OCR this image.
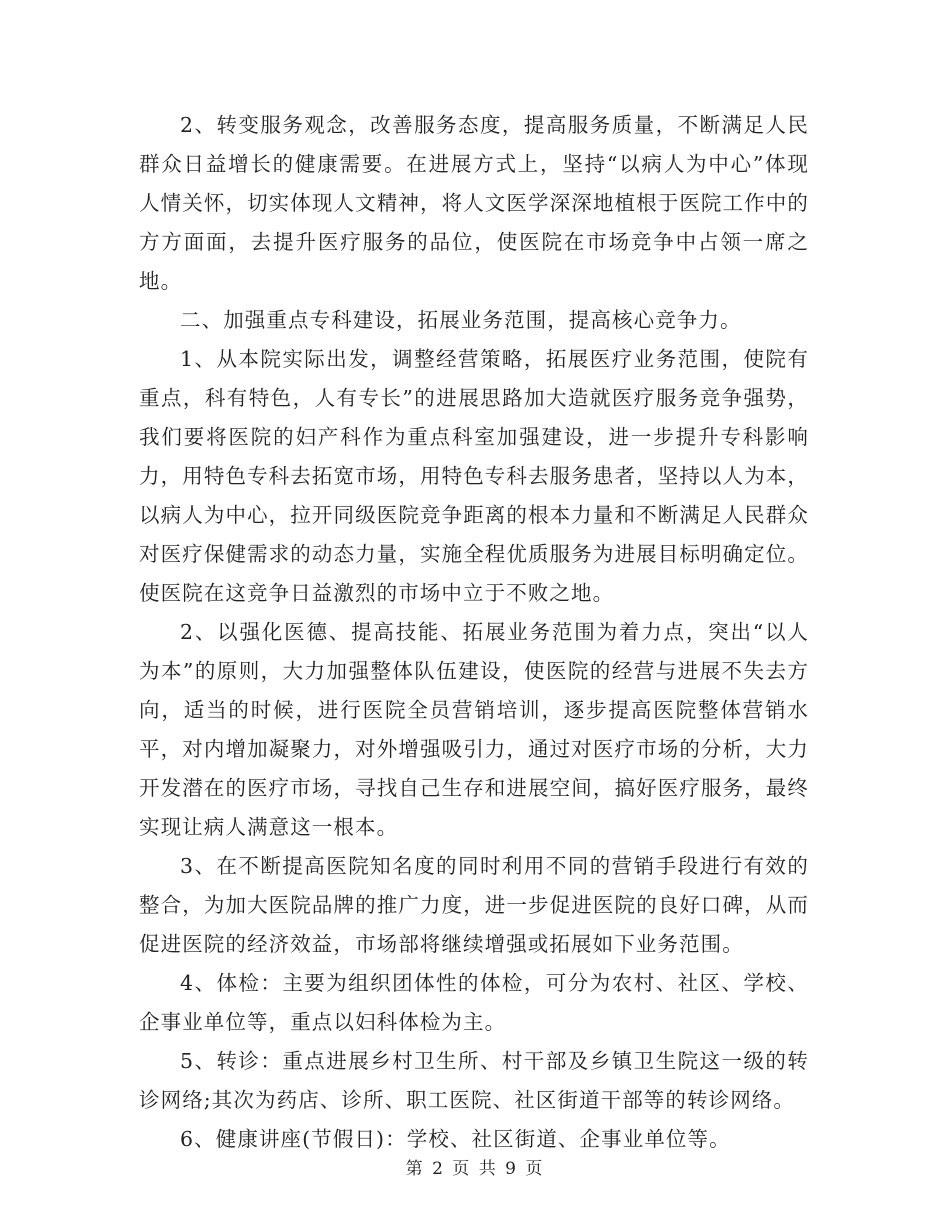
2、转变服务观念，改善服务态度，提高服务质量，不断满足人民群众日益增长的健康需要。在进展方式上，坚持“以病人为中心”体现人情关怀，切实体现人文精神，将人文医学深深地植根于医院工作中的方方面面，去提升医疗服务的品位，使医院在市场竞争中占领一席之地。

二、加强重点专科建设，拓展业务范围，提高核心竞争力。

1、从本院实际出发，调整经营策略，拓展医疗业务范围，使院有重点，科有特色，人有专长”的进展思路加大造就医疗服务竞争强势，我们要将医院的妇产科作为重点科室加强建设，进一步提升专科影响力，用特色专科去拓宽市场，用特色专科去服务患者，坚持以人为本，以病人为中心，拉开同级医院竞争距离的根本力量和不断满足人民群众对医疗保健需求的动态力量，实施全程优质服务为进展目标明确定位。使医院在这竞争日益激烈的市场中立于不败之地。

2、以强化医德、提高技能、拓展业务范围为着力点，突出“以人为本”的原则，大力加强整体队伍建设，使医院的经营与进展不失去方向，适当的时候，进行医院全员营销培训，逐步提高医院整体营销水平，对内增加凝聚力，对外增强吸引力，通过对医疗市场的分析，大力开发潜在的医疗市场，寻找自己生存和进展空间，搞好医疗服务，最终实现让病人满意这一根本。

3、在不断提高医院知名度的同时利用不同的营销手段进行有效的整合，为加大医院品牌的推广力度，进一步促进医院的良好口碑，从而促进医院的经济效益，市场部将继续增强或拓展如下业务范围。

4、体检：主要为组织团体性的体检，可分为农村、社区、学校、企事业单位等，重点以妇科体检为主。

5、转诊：重点进展乡村卫生所、村干部及乡镇卫生院这一级的转诊网络;其次为药店、诊所、职工医院、社区街道干部等的转诊网络。

6、健康讲座(节假日)：学校、社区街道、企事业单位等。

第 2 页 共 9 页
